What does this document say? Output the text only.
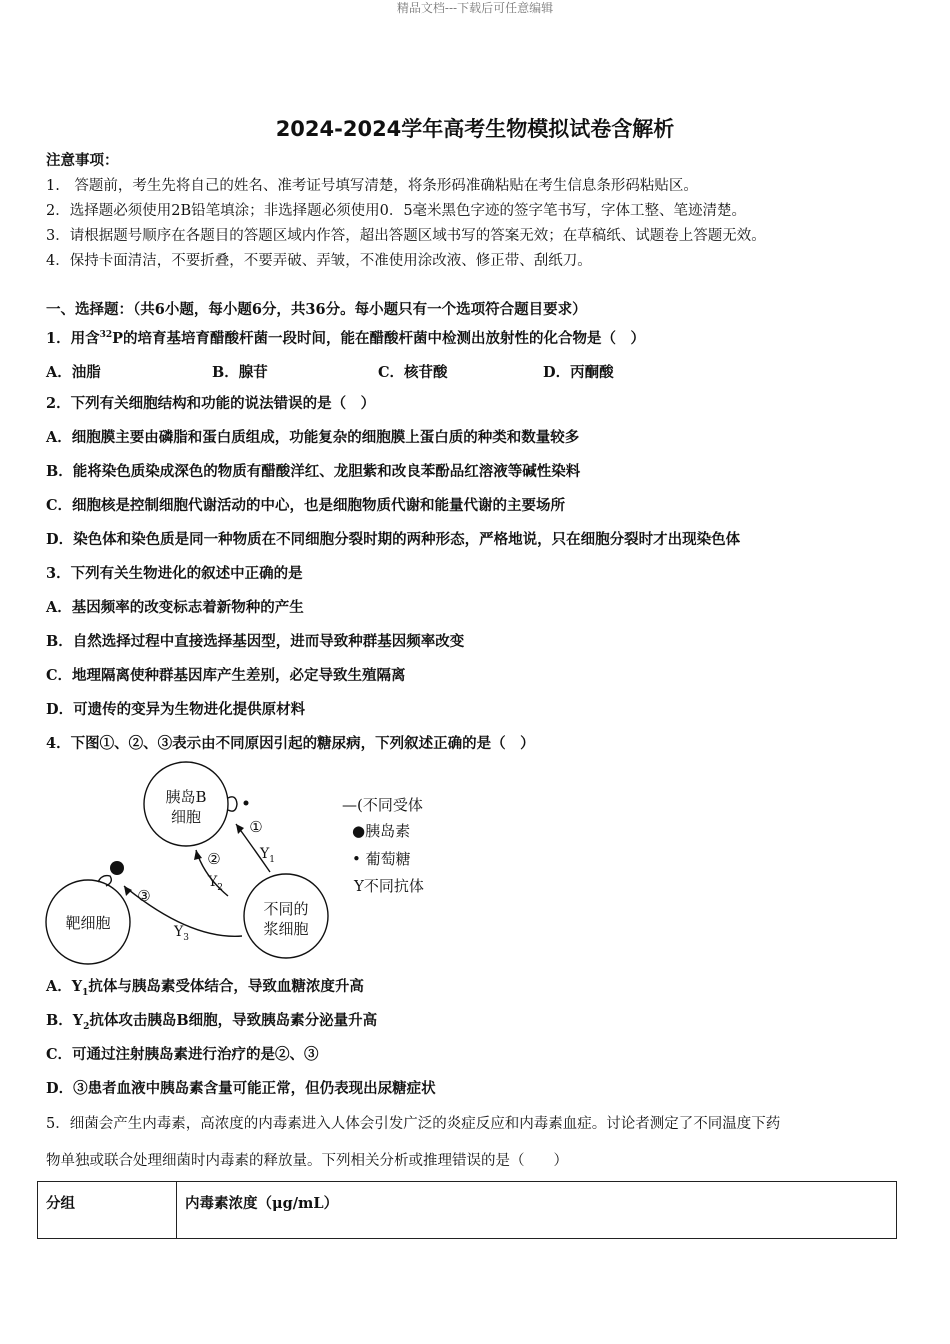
精品文档---下载后可任意编辑
2024-2024学年高考生物模拟试卷含解析
注意事项：
1.　答题前，考生先将自己的姓名、准考证号填写清楚，将条形码准确粘贴在考生信息条形码粘贴区。
2．选择题必须使用2B铅笔填涂；非选择题必须使用0．5毫米黑色字迹的签字笔书写，字体工整、笔迹清楚。
3．请根据题号顺序在各题目的答题区域内作答，超出答题区域书写的答案无效；在草稿纸、试题卷上答题无效。
4．保持卡面清洁，不要折叠，不要弄破、弄皱，不准使用涂改液、修正带、刮纸刀。
一、选择题：（共6小题，每小题6分，共36分。每小题只有一个选项符合题目要求）
1．用含$^{32}$P的培育基培育醋酸杆菌一段时间，能在醋酸杆菌中检测出放射性的化合物是（　）
A．油脂	B．腺苷	C．核苷酸	D．丙酮酸
2．下列有关细胞结构和功能的说法错误的是（　）
A．细胞膜主要由磷脂和蛋白质组成，功能复杂的细胞膜上蛋白质的种类和数量较多
B．能将染色质染成深色的物质有醋酸洋红、龙胆紫和改良苯酚品红溶液等碱性染料
C．细胞核是控制细胞代谢活动的中心，也是细胞物质代谢和能量代谢的主要场所
D．染色体和染色质是同一种物质在不同细胞分裂时期的两种形态，严格地说，只在细胞分裂时才出现染色体
3．下列有关生物进化的叙述中正确的是
A．基因频率的改变标志着新物种的产生
B．自然选择过程中直接选择基因型，进而导致种群基因频率改变
C．地理隔离使种群基因库产生差别，必定导致生殖隔离
D．可遗传的变异为生物进化提供原材料
4．下图①、②、③表示由不同原因引起的糖尿病，下列叙述正确的是（　）
胰岛B
细胞
靶细胞
不同的
浆细胞
①
②
③
$Y_1$
$Y_2$
$Y_3$
—(不同受体
●胰岛素
• 葡萄糖
Y不同抗体
A．$Y_1$抗体与胰岛素受体结合，导致血糖浓度升高
B．$Y_2$抗体攻击胰岛B细胞，导致胰岛素分泌量升高
C．可通过注射胰岛素进行治疗的是②、③
D．③患者血液中胰岛素含量可能正常，但仍表现出尿糖症状
5．细菌会产生内毒素，高浓度的内毒素进入人体会引发广泛的炎症反应和内毒素血症。讨论者测定了不同温度下药
物单独或联合处理细菌时内毒素的释放量。下列相关分析或推理错误的是（　　）
分组	内毒素浓度（μg/mL）
